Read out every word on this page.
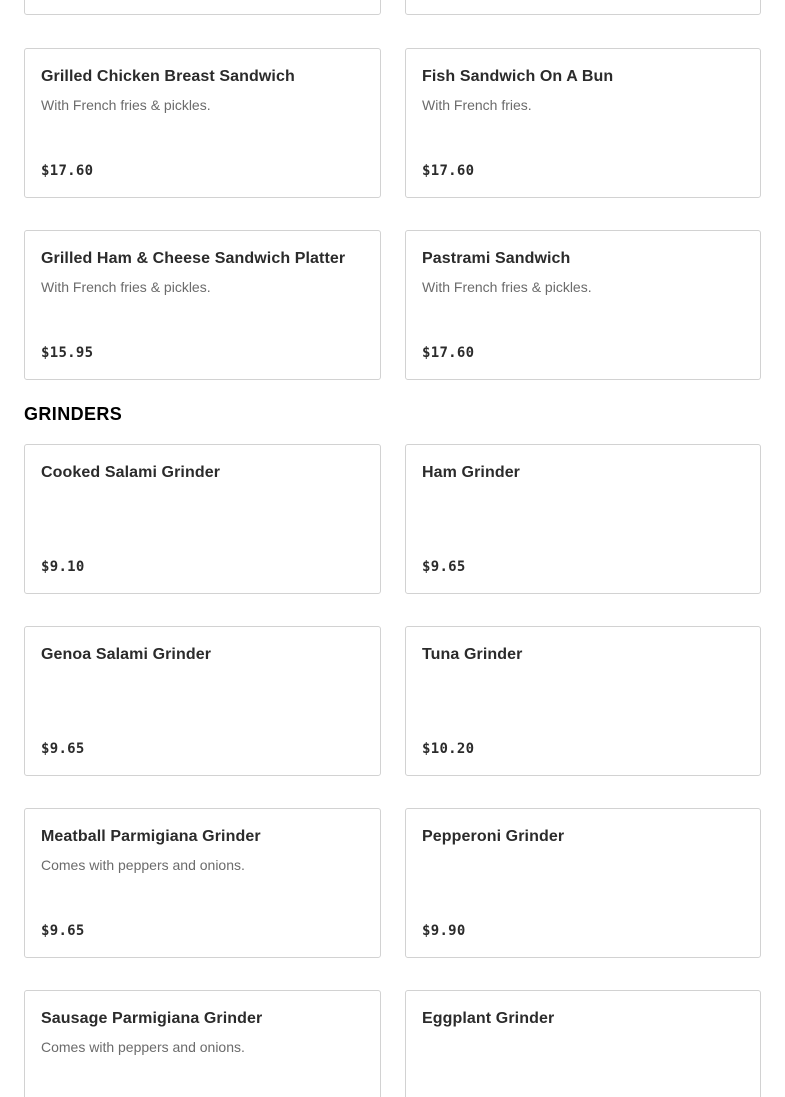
Grilled Chicken Breast Sandwich
With French fries & pickles.
$17.60
Fish Sandwich On A Bun
With French fries.
$17.60
Grilled Ham & Cheese Sandwich Platter
With French fries & pickles.
$15.95
Pastrami Sandwich
With French fries & pickles.
$17.60
GRINDERS
Cooked Salami Grinder
$9.10
Ham Grinder
$9.65
Genoa Salami Grinder
$9.65
Tuna Grinder
$10.20
Meatball Parmigiana Grinder
Comes with peppers and onions.
$9.65
Pepperoni Grinder
$9.90
Sausage Parmigiana Grinder
Comes with peppers and onions.
Eggplant Grinder
